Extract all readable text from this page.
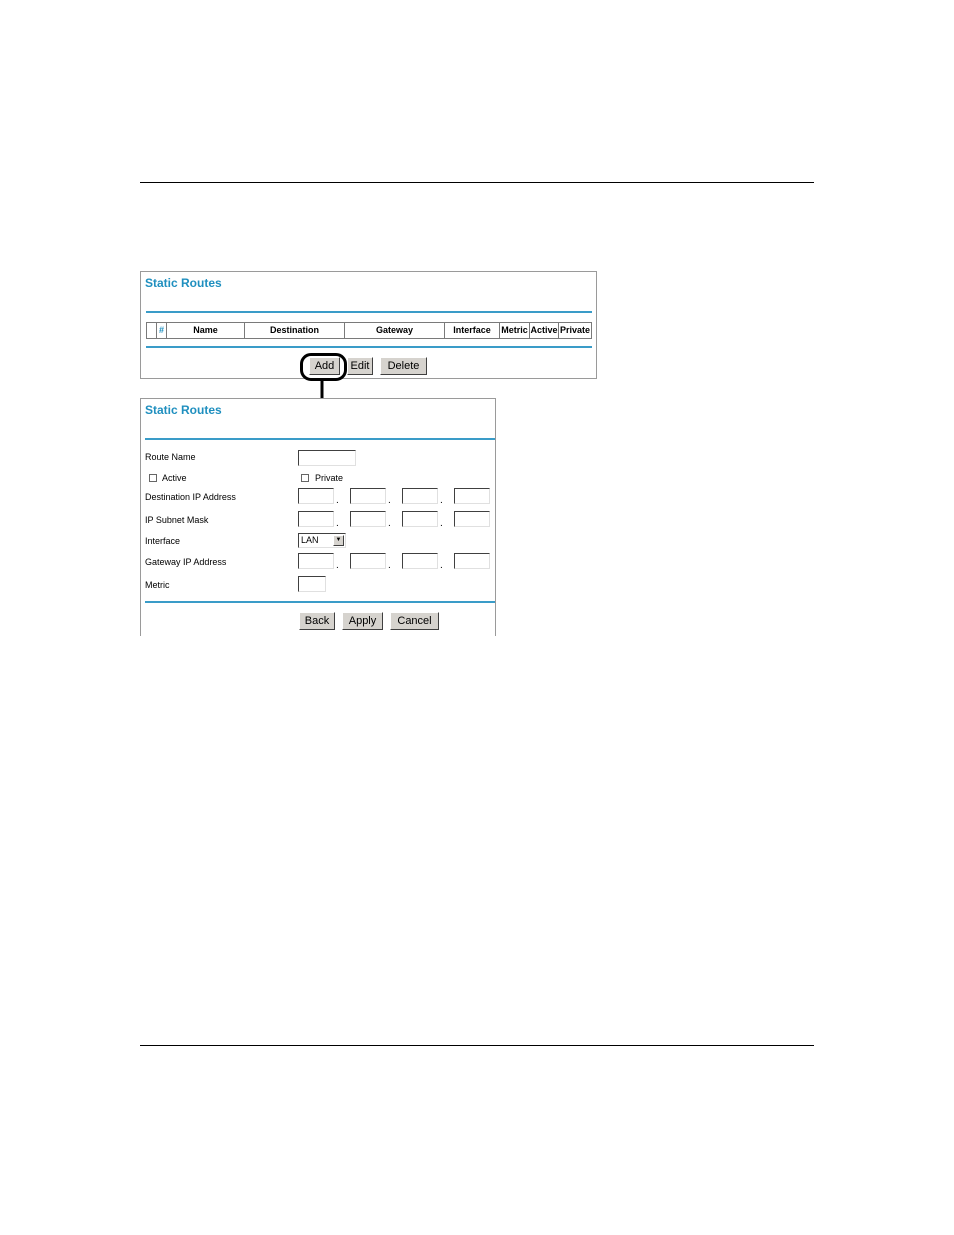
Static Routes
#	Name	Destination	Gateway	Interface	Metric Active Private
Add	Edit	Delete
Static Routes
Route Name
Active	Private
Destination IP Address	.	.	.
IP Subnet Mask	.	.	.
Interface	LAN	▼
Gateway IP Address	.	.	.
Metric
Back	Apply	Cancel
